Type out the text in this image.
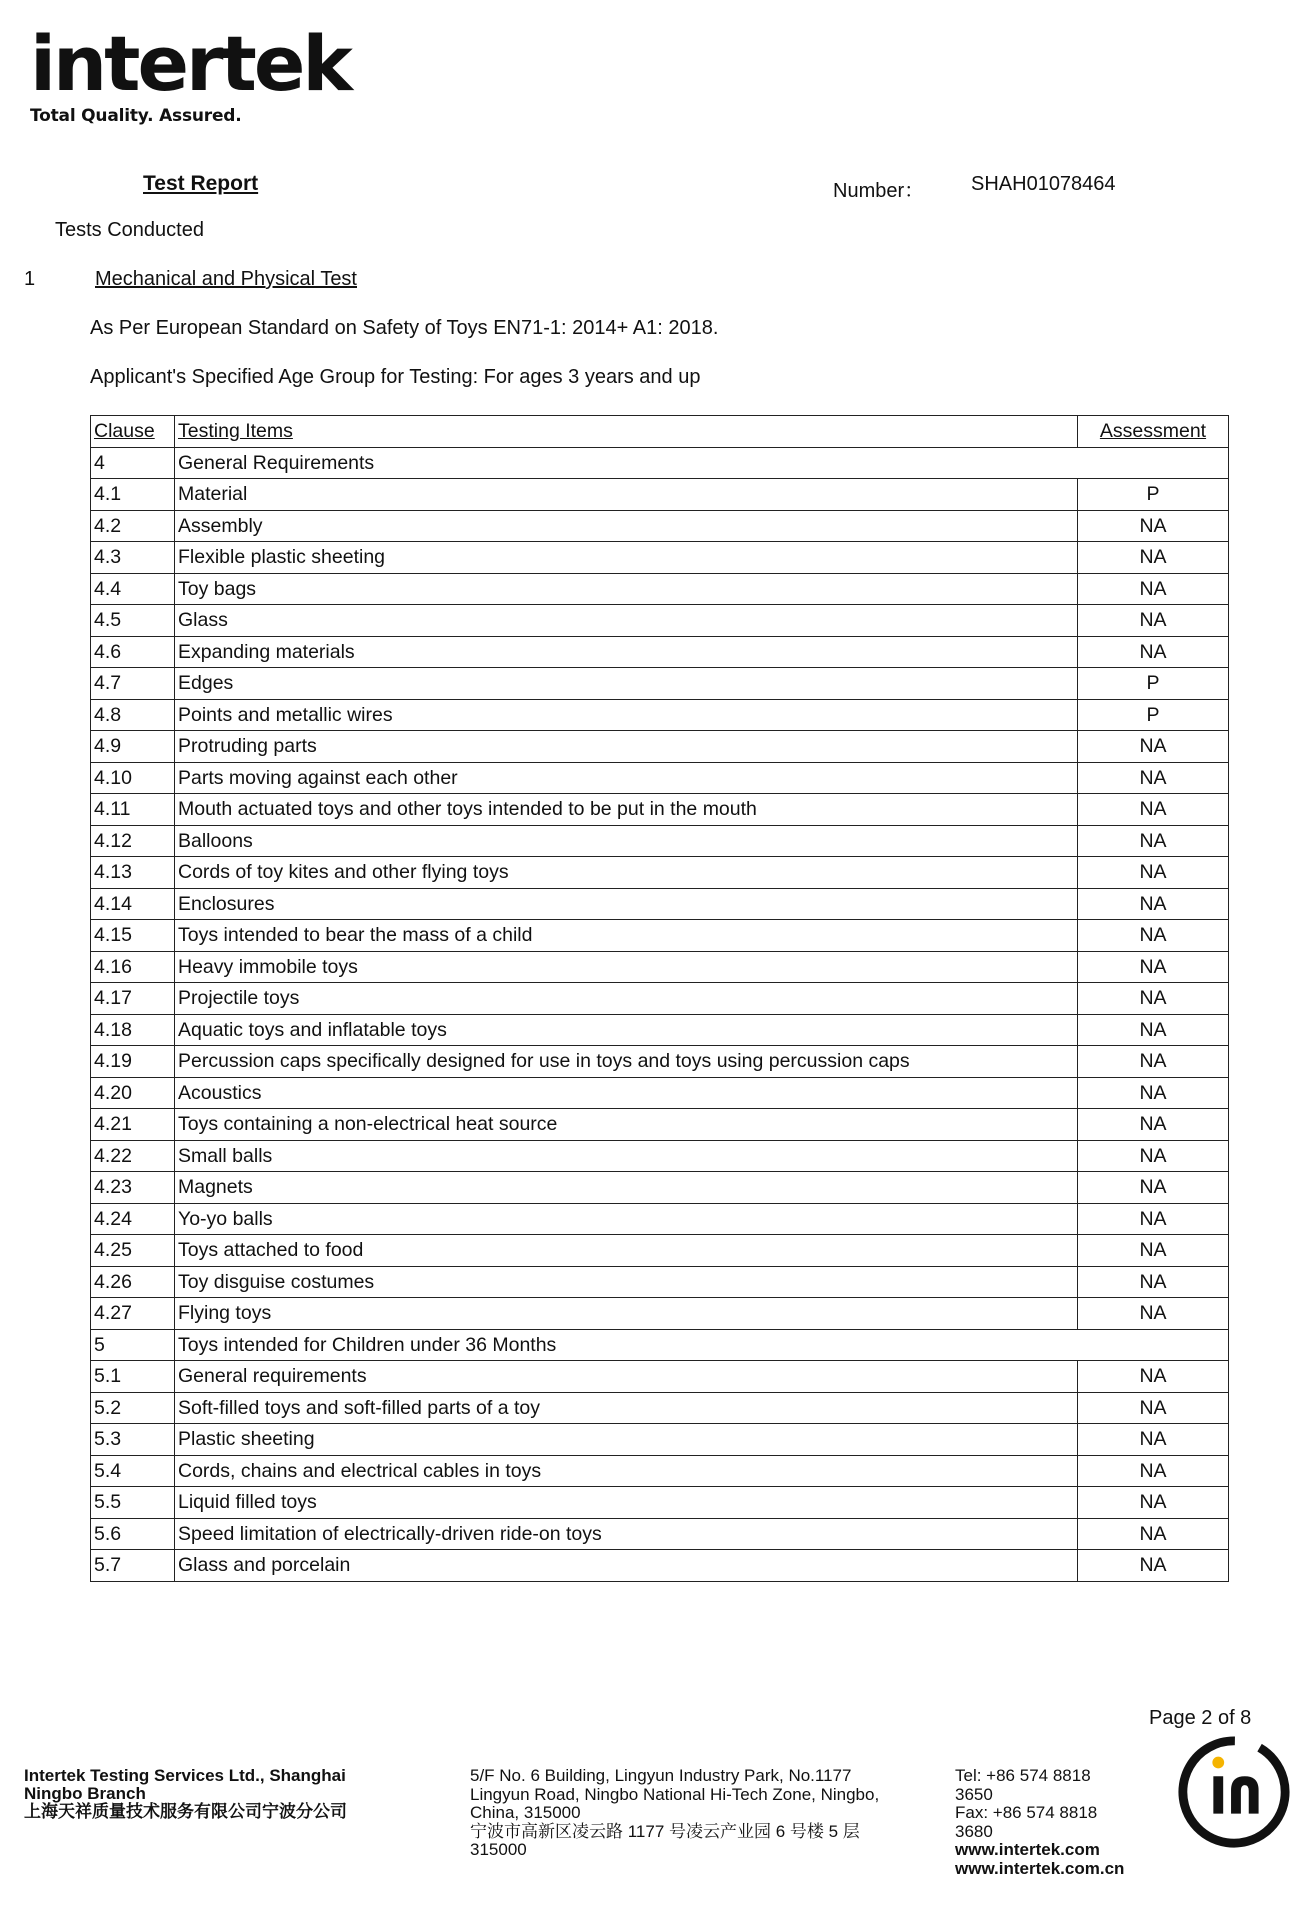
intertek
Total Quality. Assured.
Test Report	Number： SHAH01078464
Tests Conducted
1	Mechanical and Physical Test
As Per European Standard on Safety of Toys EN71-1: 2014+ A1: 2018.
Applicant's Specified Age Group for Testing: For ages 3 years and up
Clause	Testing Items	Assessment
4	General Requirements	
4.1	Material	P
4.2	Assembly	NA
4.3	Flexible plastic sheeting	NA
4.4	Toy bags	NA
4.5	Glass	NA
4.6	Expanding materials	NA
4.7	Edges	P
4.8	Points and metallic wires	P
4.9	Protruding parts	NA
4.10	Parts moving against each other	NA
4.11	Mouth actuated toys and other toys intended to be put in the mouth	NA
4.12	Balloons	NA
4.13	Cords of toy kites and other flying toys	NA
4.14	Enclosures	NA
4.15	Toys intended to bear the mass of a child	NA
4.16	Heavy immobile toys	NA
4.17	Projectile toys	NA
4.18	Aquatic toys and inflatable toys	NA
4.19	Percussion caps specifically designed for use in toys and toys using percussion caps	NA
4.20	Acoustics	NA
4.21	Toys containing a non-electrical heat source	NA
4.22	Small balls	NA
4.23	Magnets	NA
4.24	Yo-yo balls	NA
4.25	Toys attached to food	NA
4.26	Toy disguise costumes	NA
4.27	Flying toys	NA
5	Toys intended for Children under 36 Months	
5.1	General requirements	NA
5.2	Soft-filled toys and soft-filled parts of a toy	NA
5.3	Plastic sheeting	NA
5.4	Cords, chains and electrical cables in toys	NA
5.5	Liquid filled toys	NA
5.6	Speed limitation of electrically-driven ride-on toys	NA
5.7	Glass and porcelain	NA
Page 2 of 8
Intertek Testing Services Ltd., Shanghai
Ningbo Branch
上海天祥质量技术服务有限公司宁波分公司
5/F No. 6 Building, Lingyun Industry Park, No.1177
Lingyun Road, Ningbo National Hi-Tech Zone, Ningbo,
China, 315000
宁波市高新区凌云路 1177 号凌云产业园 6 号楼 5 层
315000
Tel: +86 574 8818
3650
Fax: +86 574 8818
3680
www.intertek.com
www.intertek.com.cn
